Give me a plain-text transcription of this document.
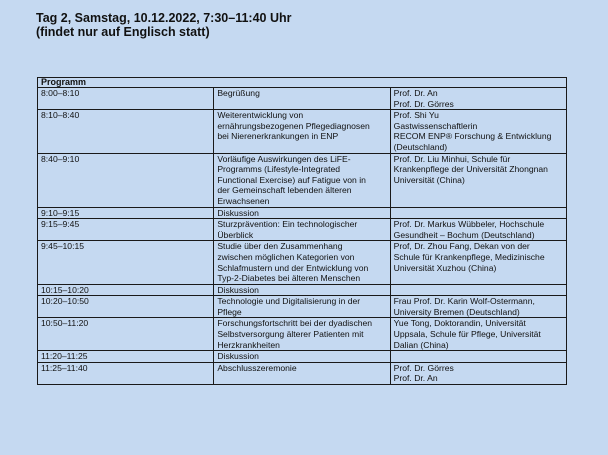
Tag 2, Samstag, 10.12.2022, 7:30–11:40 Uhr
(findet nur auf Englisch statt)
Programm		
8:00–8:10	Begrüßung	Prof. Dr. An
Prof. Dr. Görres

8:10–8:40	Weiterentwicklung von
ernährungsbezogenen Pflegediagnosen
bei Nierenerkrankungen in ENP	Prof. Shi Yu
Gastwissenschaftlerin
RECOM ENP® Forschung & Entwicklung
(Deutschland)

8:40–9:10	Vorläufige Auswirkungen des LiFE-
Programms (Lifestyle-Integrated
Functional Exercise) auf Fatigue von in
der Gemeinschaft lebenden älteren
Erwachsenen	Prof. Dr. Liu Minhui, Schule für
Krankenpflege der Universität Zhongnan
Universität (China)

9:10–9:15	Diskussion	

9:15–9:45	Sturzprävention: Ein technologischer
Überblick	Prof. Dr. Markus Wübbeler, Hochschule
Gesundheit – Bochum (Deutschland)

9:45–10:15	Studie über den Zusammenhang
zwischen möglichen Kategorien von
Schlafmustern und der Entwicklung von
Typ-2-Diabetes bei älteren Menschen	Prof, Dr. Zhou Fang, Dekan von der
Schule für Krankenpflege, Medizinische
Universität Xuzhou (China)

10:15–10:20	Diskussion	

10:20–10:50	Technologie und Digitalisierung in der
Pflege	Frau Prof. Dr. Karin Wolf-Ostermann,
University Bremen (Deutschland)

10:50–11:20	Forschungsfortschritt bei der dyadischen
Selbstversorgung älterer Patienten mit
Herzkrankheiten	Yue Tong, Doktorandin, Universität
Uppsala, Schule für Pflege, Universität
Dalian (China)

11:20–11:25	Diskussion	

11:25–11:40	Abschlusszeremonie	Prof. Dr. Görres
Prof. Dr. An
